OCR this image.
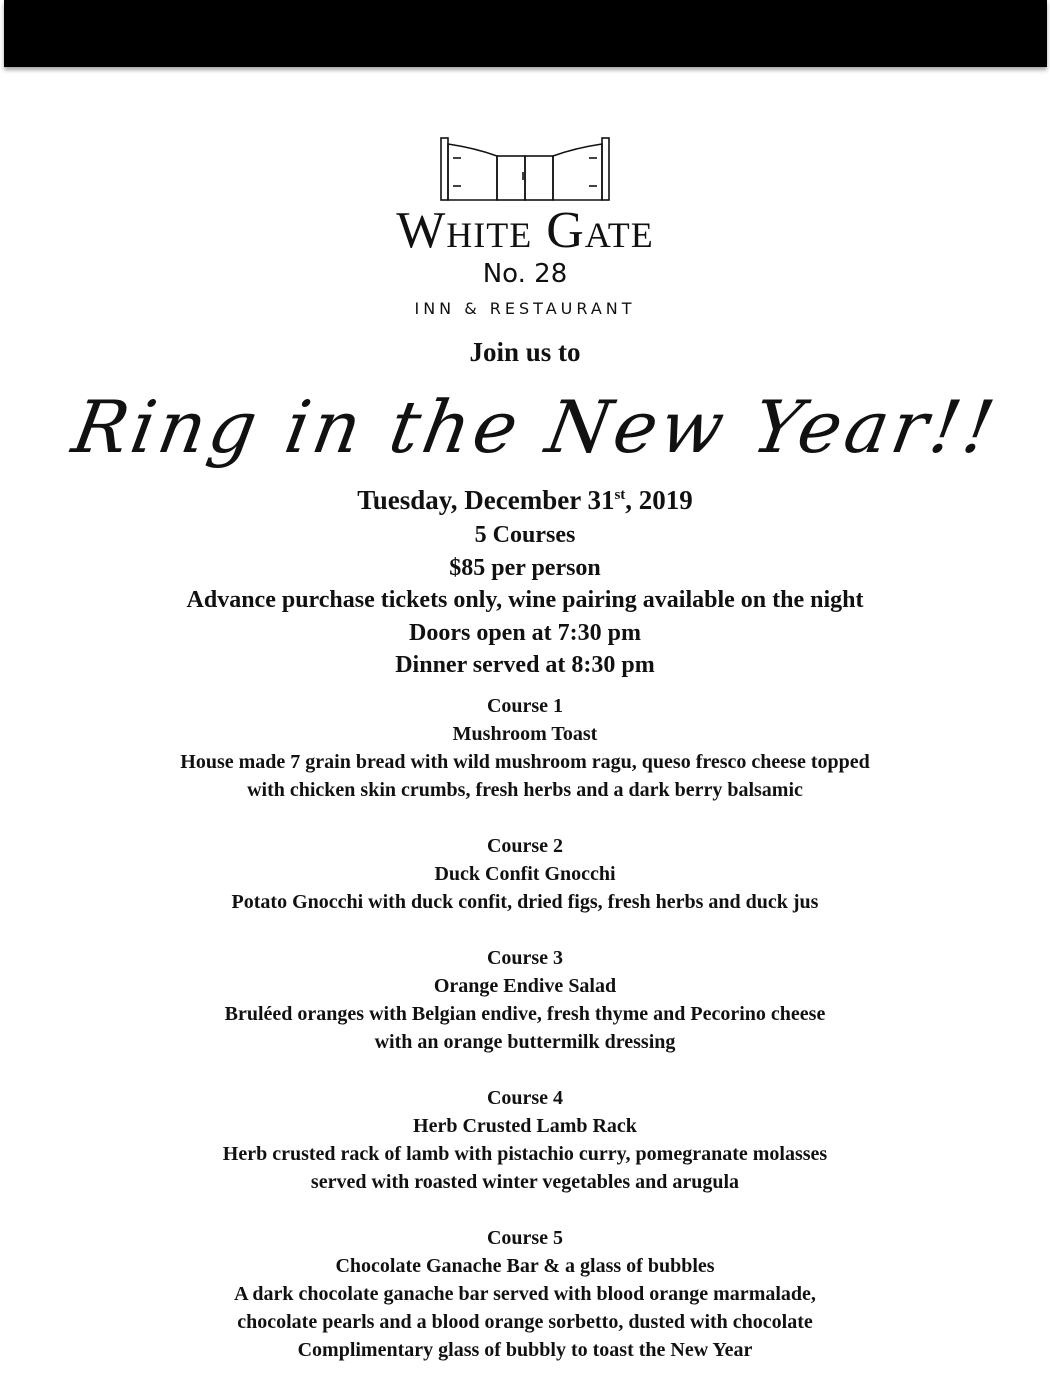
White Gate
No. 28
INN & RESTAURANT
Join us to
Ring in the New Year!!
Tuesday, December 31st, 2019
5 Courses
$85 per person
Advance purchase tickets only, wine pairing available on the night
Doors open at 7:30 pm
Dinner served at 8:30 pm
Course 1
Mushroom Toast
House made 7 grain bread with wild mushroom ragu, queso fresco cheese topped
with chicken skin crumbs, fresh herbs and a dark berry balsamic
Course 2
Duck Confit Gnocchi
Potato Gnocchi with duck confit, dried figs, fresh herbs and duck jus
Course 3
Orange Endive Salad
Bruléed oranges with Belgian endive, fresh thyme and Pecorino cheese
with an orange buttermilk dressing
Course 4
Herb Crusted Lamb Rack
Herb crusted rack of lamb with pistachio curry, pomegranate molasses
served with roasted winter vegetables and arugula
Course 5
Chocolate Ganache Bar & a glass of bubbles
A dark chocolate ganache bar served with blood orange marmalade,
chocolate pearls and a blood orange sorbetto, dusted with chocolate
Complimentary glass of bubbly to toast the New Year
